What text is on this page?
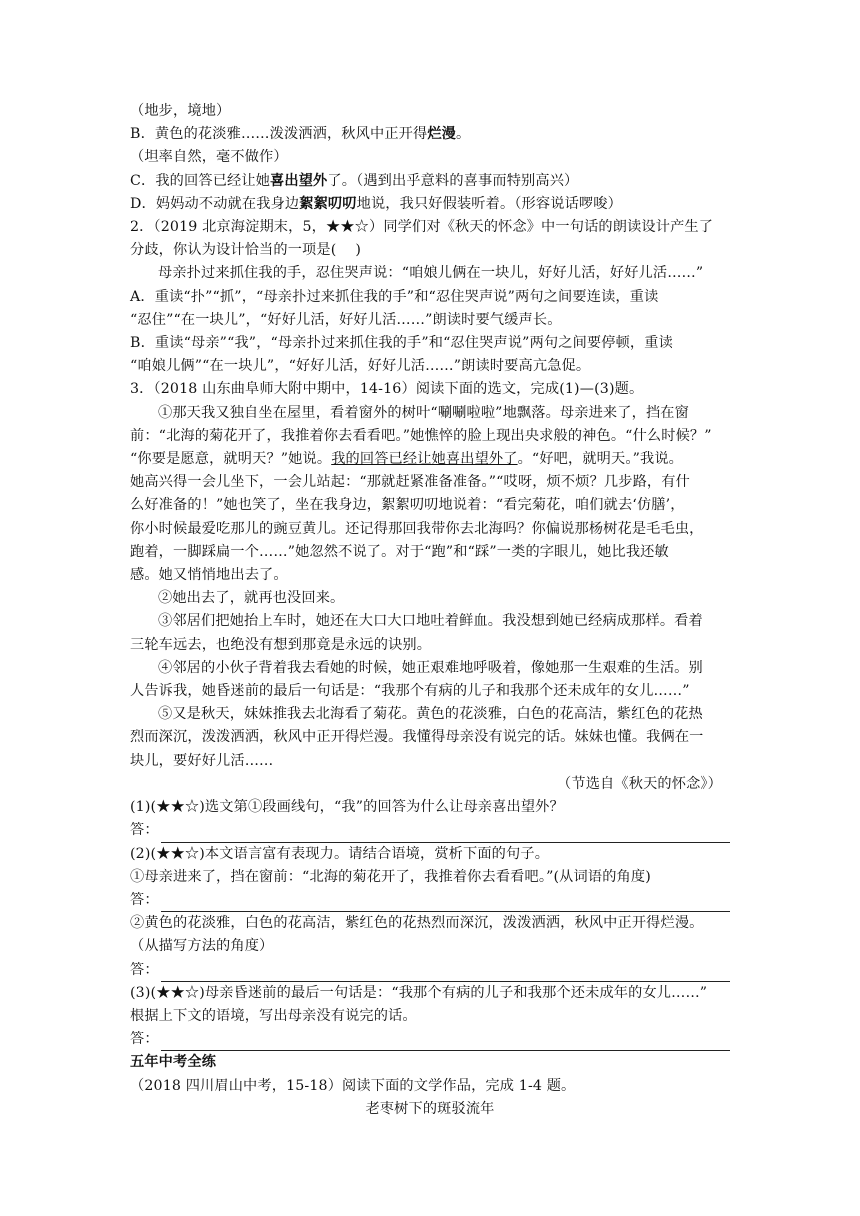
（地步，境地）
B．黄色的花淡雅……泼泼洒洒，秋风中正开得烂漫。
（坦率自然，毫不做作）
C．我的回答已经让她喜出望外了。（遇到出乎意料的喜事而特别高兴）
D．妈妈动不动就在我身边絮絮叨叨地说，我只好假装听着。（形容说话啰唆）
2．（2019 北京海淀期末，5，★★☆）同学们对《秋天的怀念》中一句话的朗读设计产生了
分歧，你认为设计恰当的一项是(　 )
母亲扑过来抓住我的手，忍住哭声说：“咱娘儿俩在一块儿，好好儿活，好好儿活……”
A．重读“扑”“抓”，“母亲扑过来抓住我的手”和“忍住哭声说”两句之间要连读，重读
“忍住”“在一块儿”，“好好儿活，好好儿活……”朗读时要气缓声长。
B．重读“母亲”“我”，“母亲扑过来抓住我的手”和“忍住哭声说”两句之间要停顿，重读
“咱娘儿俩”“在一块儿”，“好好儿活，好好儿活……”朗读时要高亢急促。
3．（2018 山东曲阜师大附中期中，14-16）阅读下面的选文，完成(1)—(3)题。
①那天我又独自坐在屋里，看着窗外的树叶“唰唰啦啦”地飘落。母亲进来了，挡在窗
前：“北海的菊花开了，我推着你去看看吧。”她憔悴的脸上现出央求般的神色。“什么时候？”
“你要是愿意，就明天？”她说。我的回答已经让她喜出望外了。“好吧，就明天。”我说。
她高兴得一会儿坐下，一会儿站起：“那就赶紧准备准备。”“哎呀，烦不烦？几步路，有什
么好准备的！”她也笑了，坐在我身边，絮絮叨叨地说着：“看完菊花，咱们就去‘仿膳’，
你小时候最爱吃那儿的豌豆黄儿。还记得那回我带你去北海吗？你偏说那杨树花是毛毛虫，
跑着，一脚踩扁一个……”她忽然不说了。对于“跑”和“踩”一类的字眼儿，她比我还敏
感。她又悄悄地出去了。
②她出去了，就再也没回来。
③邻居们把她抬上车时，她还在大口大口地吐着鲜血。我没想到她已经病成那样。看着
三轮车远去，也绝没有想到那竟是永远的诀别。
④邻居的小伙子背着我去看她的时候，她正艰难地呼吸着，像她那一生艰难的生活。别
人告诉我，她昏迷前的最后一句话是：“我那个有病的儿子和我那个还未成年的女儿……”
⑤又是秋天，妹妹推我去北海看了菊花。黄色的花淡雅，白色的花高洁，紫红色的花热
烈而深沉，泼泼洒洒，秋风中正开得烂漫。我懂得母亲没有说完的话。妹妹也懂。我俩在一
块儿，要好好儿活……
（节选自《秋天的怀念》）
(1)(★★☆)选文第①段画线句，“我”的回答为什么让母亲喜出望外？
答：
(2)(★★☆)本文语言富有表现力。请结合语境，赏析下面的句子。
①母亲进来了，挡在窗前：“北海的菊花开了，我推着你去看看吧。”(从词语的角度)
答：
②黄色的花淡雅，白色的花高洁，紫红色的花热烈而深沉，泼泼洒洒，秋风中正开得烂漫。
（从描写方法的角度）
答：
(3)(★★☆)母亲昏迷前的最后一句话是：“我那个有病的儿子和我那个还未成年的女儿……”
根据上下文的语境，写出母亲没有说完的话。
答：
五年中考全练
（2018 四川眉山中考，15-18）阅读下面的文学作品，完成 1-4 题。
老枣树下的斑驳流年
